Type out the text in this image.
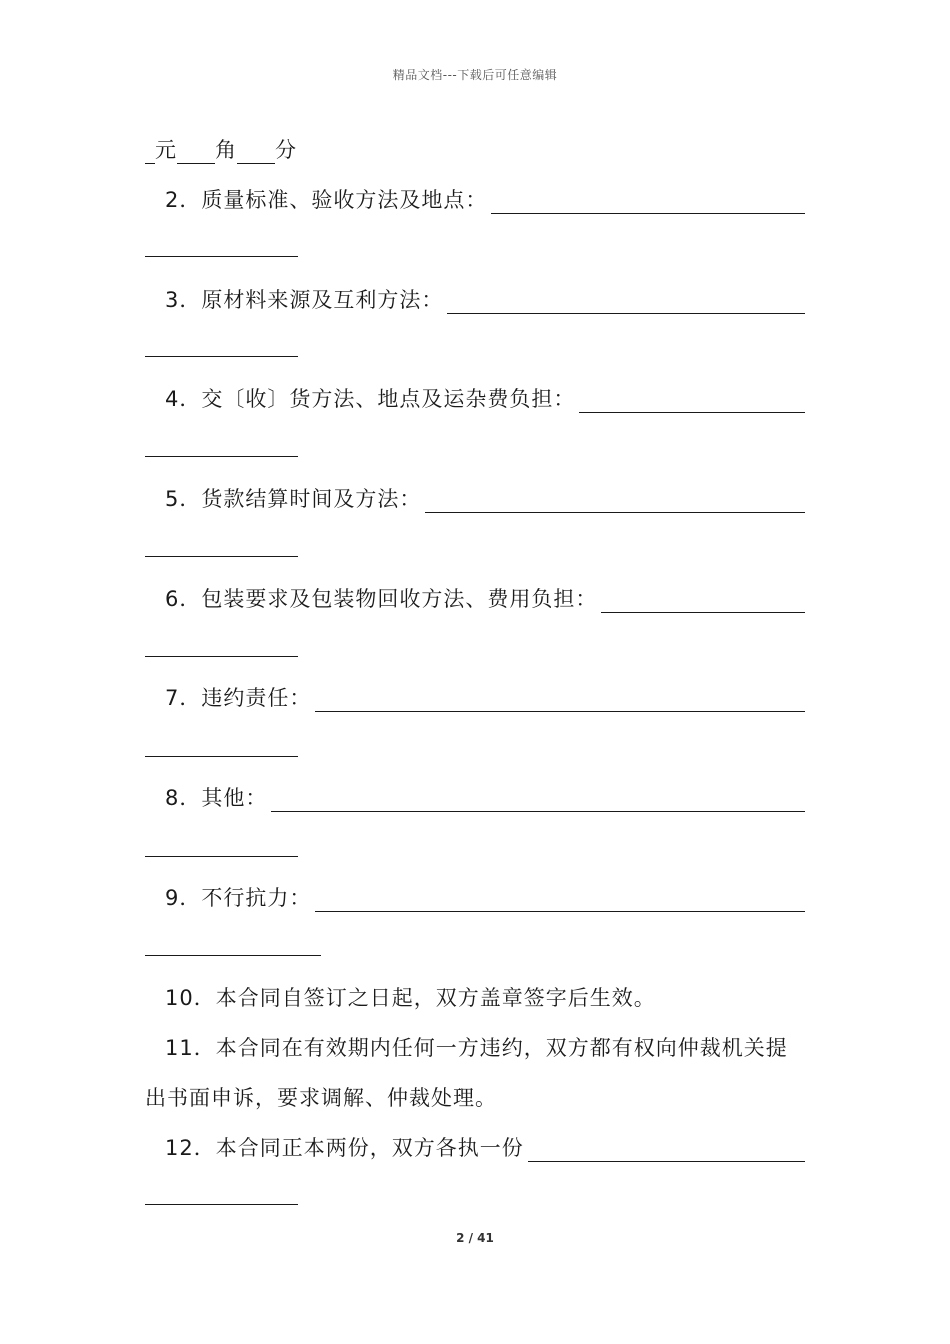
精品文档---下载后可任意编辑
元 角 分
2．质量标准、验收方法及地点：
3．原材料来源及互利方法：
4．交〔收〕货方法、地点及运杂费负担：
5．货款结算时间及方法：
6．包装要求及包装物回收方法、费用负担：
7．违约责任：
8．其他：
9．不行抗力：
10．本合同自签订之日起，双方盖章签字后生效。
11．本合同在有效期内任何一方违约，双方都有权向仲裁机关提
出书面申诉，要求调解、仲裁处理。
12．本合同正本两份，双方各执一份
2 / 41
